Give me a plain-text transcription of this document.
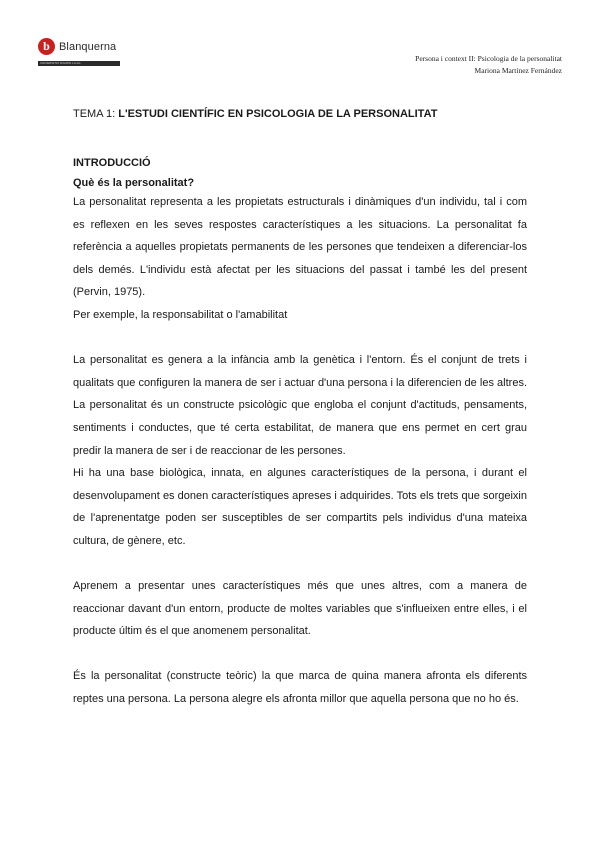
b Blanquerna
UNIVERSITAT RAMON LLULL	Persona i context II: Psicologia de la personalitat
Mariona Martínez Fernández

TEMA 1: L'ESTUDI CIENTÍFIC EN PSICOLOGIA DE LA PERSONALITAT

INTRODUCCIÓ

Què és la personalitat?

La personalitat representa a les propietats estructurals i dinàmiques d'un individu, tal i com es reflexen en les seves respostes característiques a les situacions. La personalitat fa referència a aquelles propietats permanents de les persones que tendeixen a diferenciar-los dels demés. L'individu està afectat per les situacions del passat i també les del present (Pervin, 1975).

Per exemple, la responsabilitat o l'amabilitat

La personalitat es genera a la infància amb la genètica i l'entorn. És el conjunt de trets i qualitats que configuren la manera de ser i actuar d'una persona i la diferencien de les altres. La personalitat és un constructe psicològic que engloba el conjunt d'actituds, pensaments, sentiments i conductes, que té certa estabilitat, de manera que ens permet en cert grau predir la manera de ser i de reaccionar de les persones.

Hi ha una base biològica, innata, en algunes característiques de la persona, i durant el desenvolupament es donen característiques apreses i adquirides. Tots els trets que sorgeixin de l'aprenentatge poden ser susceptibles de ser compartits pels individus d'una mateixa cultura, de gènere, etc.

Aprenem a presentar unes característiques més que unes altres, com a manera de reaccionar davant d'un entorn, producte de moltes variables que s'influeixen entre elles, i el producte últim és el que anomenem personalitat.

És la personalitat (constructe teòric) la que marca de quina manera afronta els diferents reptes una persona. La persona alegre els afronta millor que aquella persona que no ho és.
